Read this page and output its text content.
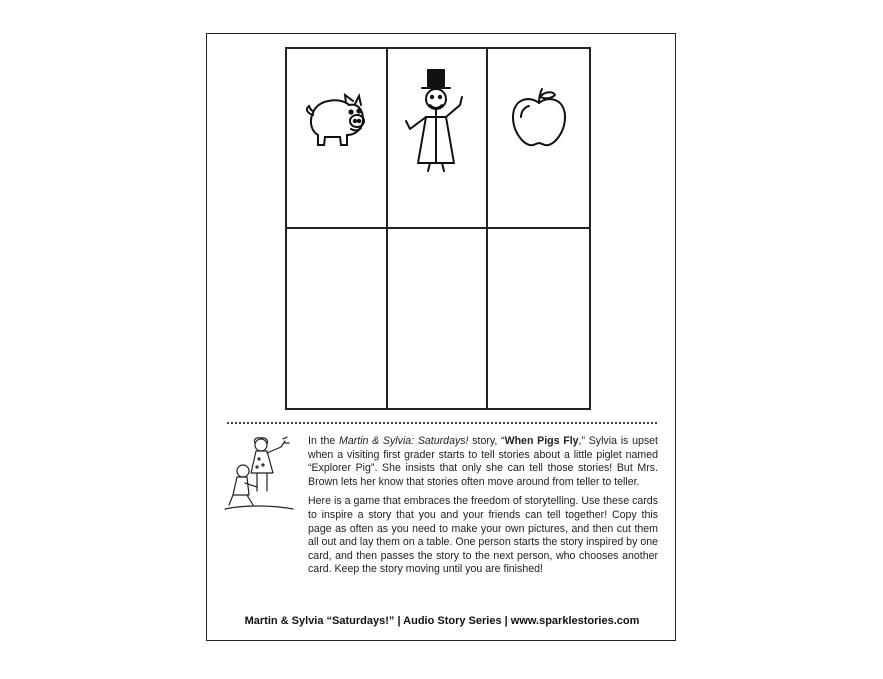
In the Martin & Sylvia: Saturdays! story, “When Pigs Fly,” Sylvia is upset when a visiting first grader starts to tell stories about a little piglet named “Explorer Pig”. She insists that only she can tell those stories! But Mrs. Brown lets her know that stories often move around from teller to teller.

Here is a game that embraces the freedom of storytelling. Use these cards to inspire a story that you and your friends can tell together! Copy this page as often as you need to make your own pictures, and then cut them all out and lay them on a table. One person starts the story inspired by one card, and then passes the story to the next person, who chooses another card. Keep the story moving until you are finished!

Martin & Sylvia “Saturdays!” | Audio Story Series | www.sparklestories.com
